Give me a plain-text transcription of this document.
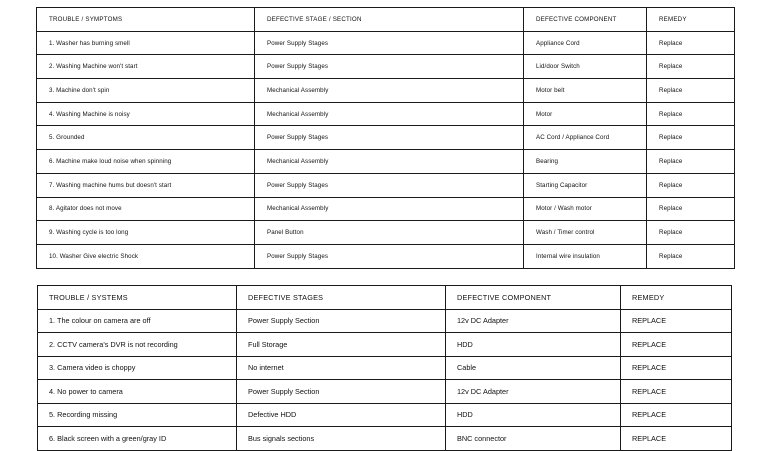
TROUBLE / SYMPTOMS	DEFECTIVE STAGE / SECTION	DEFECTIVE COMPONENT	REMEDY
1. Washer has burning smell	Power Supply Stages	Appliance Cord	Replace
2. Washing Machine won't start	Power Supply Stages	Lid/door Switch	Replace
3. Machine don't spin	Mechanical Assembly	Motor belt	Replace
4. Washing Machine is noisy	Mechanical Assembly	Motor	Replace
5. Grounded	Power Supply Stages	AC Cord / Appliance Cord	Replace
6. Machine make loud noise when spinning	Mechanical Assembly	Bearing	Replace
7. Washing machine hums but doesn't start	Power Supply Stages	Starting Capacitor	Replace
8. Agitator does not move	Mechanical Assembly	Motor / Wash motor	Replace
9. Washing cycle is too long	Panel Button	Wash / Timer control	Replace
10. Washer Give electric Shock	Power Supply Stages	Internal wire insulation	Replace
TROUBLE / SYSTEMS	DEFECTIVE STAGES	DEFECTIVE COMPONENT	REMEDY
1. The colour on camera are off	Power Supply Section	12v DC Adapter	REPLACE
2. CCTV camera's DVR is not recording	Full Storage	HDD	REPLACE
3. Camera video is choppy	No internet	Cable	REPLACE
4. No power to camera	Power Supply Section	12v DC Adapter	REPLACE
5. Recording missing	Defective HDD	HDD	REPLACE
6. Black screen with a green/gray ID	Bus signals sections	BNC connector	REPLACE
